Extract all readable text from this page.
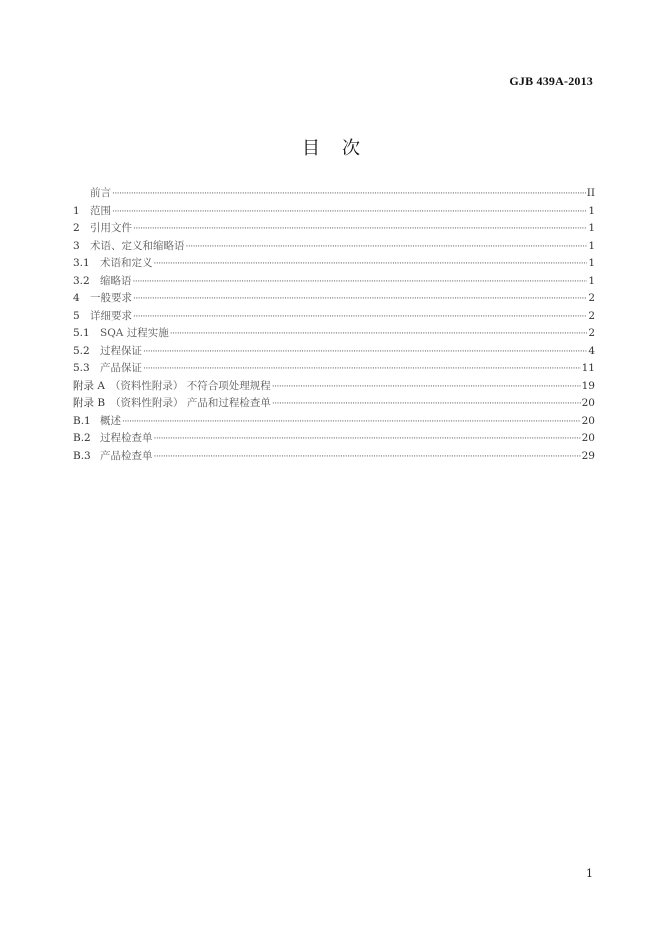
GJB 439A-2013
目次
前言 ·····	II
1 范围 ·····	1
2 引用文件 ·····	1
3 术语、定义和缩略语 ·····	1
3.1 术语和定义 ·····	1
3.2 缩略语 ·····	1
4 一般要求 ·····	2
5 详细要求 ·····	2
5.1 SQA 过程实施 ·····	2
5.2 过程保证 ·····	4
5.3 产品保证 ·····	11
附录 A （资料性附录） 不符合项处理规程 ·····	19
附录 B （资料性附录） 产品和过程检查单 ·····	20
B.1 概述 ·····	20
B.2 过程检查单 ·····	20
B.3 产品检查单 ·····	29
1
